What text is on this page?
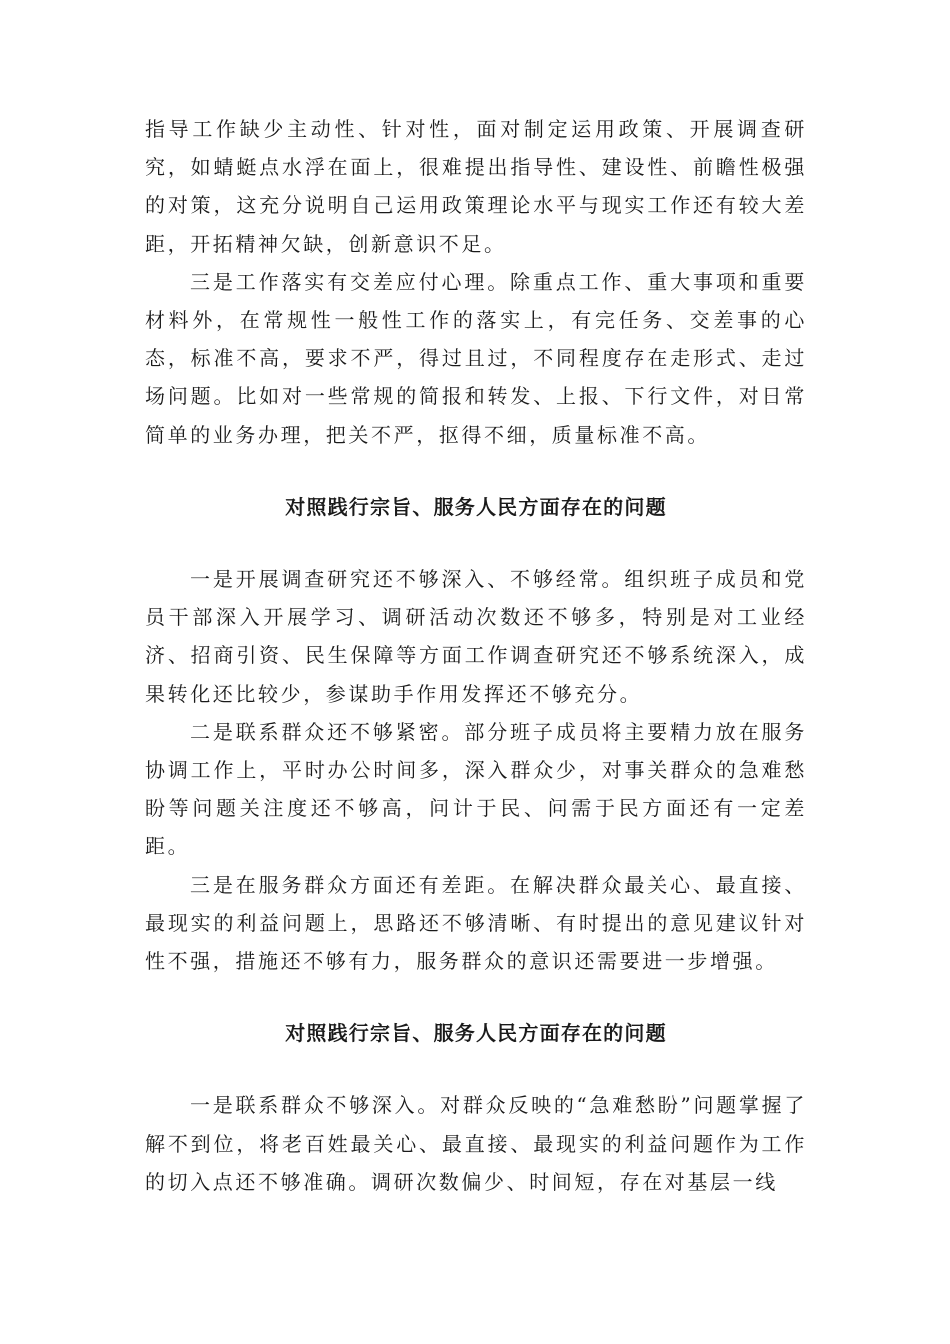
指导工作缺少主动性、针对性，面对制定运用政策、开展调查研究，如蜻蜓点水浮在面上，很难提出指导性、建设性、前瞻性极强的对策，这充分说明自己运用政策理论水平与现实工作还有较大差距，开拓精神欠缺，创新意识不足。

三是工作落实有交差应付心理。除重点工作、重大事项和重要材料外，在常规性一般性工作的落实上，有完任务、交差事的心态，标准不高，要求不严，得过且过，不同程度存在走形式、走过场问题。比如对一些常规的简报和转发、上报、下行文件，对日常简单的业务办理，把关不严，抠得不细，质量标准不高。

对照践行宗旨、服务人民方面存在的问题

一是开展调查研究还不够深入、不够经常。组织班子成员和党员干部深入开展学习、调研活动次数还不够多，特别是对工业经济、招商引资、民生保障等方面工作调查研究还不够系统深入，成果转化还比较少，参谋助手作用发挥还不够充分。

二是联系群众还不够紧密。部分班子成员将主要精力放在服务协调工作上，平时办公时间多，深入群众少，对事关群众的急难愁盼等问题关注度还不够高，问计于民、问需于民方面还有一定差距。

三是在服务群众方面还有差距。在解决群众最关心、最直接、最现实的利益问题上，思路还不够清晰、有时提出的意见建议针对性不强，措施还不够有力，服务群众的意识还需要进一步增强。

对照践行宗旨、服务人民方面存在的问题

一是联系群众不够深入。对群众反映的“急难愁盼”问题掌握了解不到位，将老百姓最关心、最直接、最现实的利益问题作为工作的切入点还不够准确。调研次数偏少、时间短，存在对基层一线
